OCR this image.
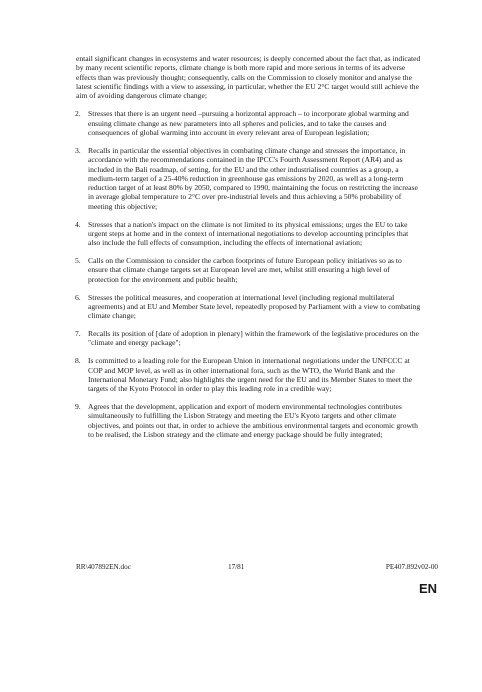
entail significant changes in ecosystems and water resources; is deeply concerned about the fact that, as indicated by many recent scientific reports, climate change is both more rapid and more serious in terms of its adverse effects than was previously thought; consequently, calls on the Commission to closely monitor and analyse the latest scientific findings with a view to assessing, in particular, whether the EU 2°C target would still achieve the aim of avoiding dangerous climate change;

2. Stresses that there is an urgent need –pursuing a horizontal approach – to incorporate global warming and ensuing climate change as new parameters into all spheres and policies, and to take the causes and consequences of global warming into account in every relevant area of European legislation;
3. Recalls in particular the essential objectives in combating climate change and stresses the importance, in accordance with the recommendations contained in the IPCC's Fourth Assessment Report (AR4) and as included in the Bali roadmap, of setting, for the EU and the other industrialised countries as a group, a medium-term target of a 25-40% reduction in greenhouse gas emissions by 2020, as well as a long-term reduction target of at least 80% by 2050, compared to 1990, maintaining the focus on restricting the increase in average global temperature to 2°C over pre-industrial levels and thus achieving a 50% probability of meeting this objective;
4. Stresses that a nation's impact on the climate is not limited to its physical emissions; urges the EU to take urgent steps at home and in the context of international negotiations to develop accounting principles that also include the full effects of consumption, including the effects of international aviation;
5. Calls on the Commission to consider the carbon footprints of future European policy initiatives so as to ensure that climate change targets set at European level are met, whilst still ensuring a high level of protection for the environment and public health;
6. Stresses the political measures, and cooperation at international level (including regional multilateral agreements) and at EU and Member State level, repeatedly proposed by Parliament with a view to combating climate change;
7. Recalls its position of [date of adoption in plenary] within the framework of the legislative procedures on the "climate and energy package";
8. Is committed to a leading role for the European Union in international negotiations under the UNFCCC at COP and MOP level, as well as in other international fora, such as the WTO, the World Bank and the International Monetary Fund; also highlights the urgent need for the EU and its Member States to meet the targets of the Kyoto Protocol in order to play this leading role in a credible way;
9. Agrees that the development, application and export of modern environmental technologies contributes simultaneously to fulfilling the Lisbon Strategy and meeting the EU's Kyoto targets and other climate objectives, and points out that, in order to achieve the ambitious environmental targets and economic growth to be realised, the Lisbon strategy and the climate and energy package should be fully integrated;
RR\407892EN.doc	17/81	PE407.892v02-00
EN
